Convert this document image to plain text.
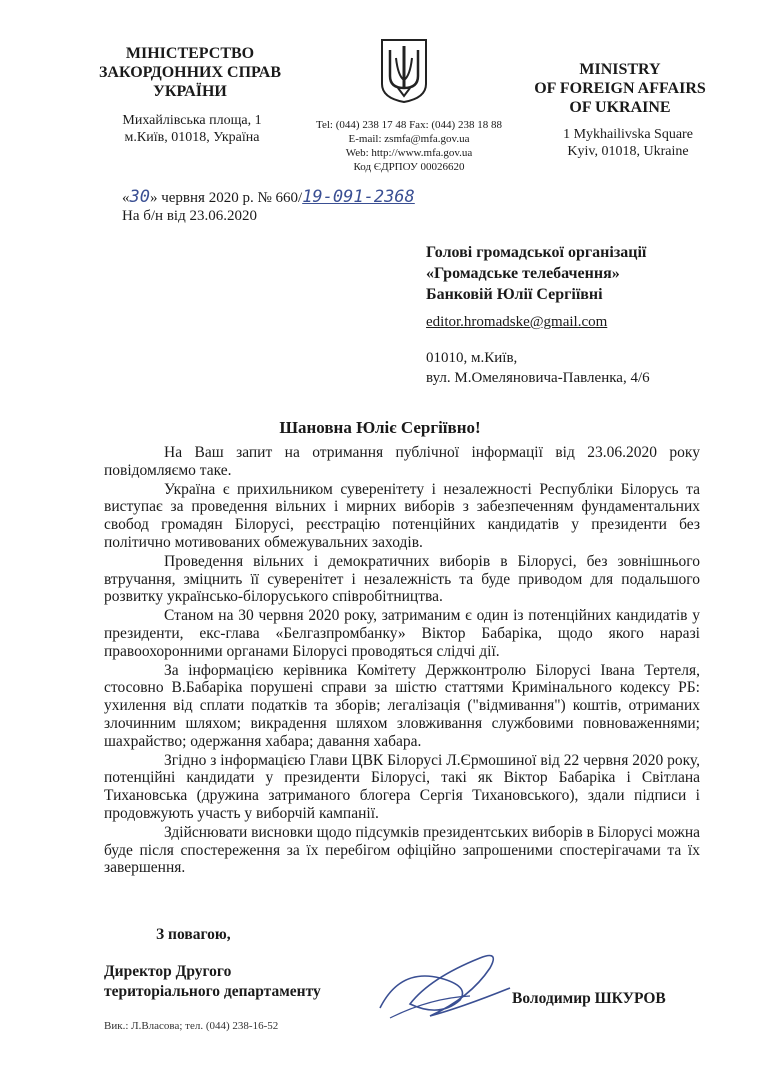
МІНІСТЕРСТВО
ЗАКОРДОННИХ СПРАВ
УКРАЇНИ
MINISTRY
OF FOREIGN AFFAIRS
OF UKRAINE
Михайлівська площа, 1
м.Київ, 01018, Україна
Tel: (044) 238 17 48 Fax: (044) 238 18 88
E-mail: zsmfa@mfa.gov.ua
Web: http://www.mfa.gov.ua
Код ЄДРПОУ 00026620
1 Mykhailivska Square
Kyiv, 01018, Ukraine
«30» червня 2020 р. № 660/19-091-2368
На б/н від 23.06.2020
Голові громадської організації
«Громадське телебачення»
Банковій Юлії Сергіївні
editor.hromadske@gmail.com
01010, м.Київ,
вул. М.Омеляновича-Павленка, 4/6
Шановна Юліє Сергіївно!

На Ваш запит на отримання публічної інформації від 23.06.2020 року повідомляємо таке.

Україна є прихильником суверенітету і незалежності Республіки Білорусь та виступає за проведення вільних і мирних виборів з забезпеченням фундаментальних свобод громадян Білорусі, реєстрацію потенційних кандидатів у президенти без політично мотивованих обмежувальних заходів.

Проведення вільних і демократичних виборів в Білорусі, без зовнішнього втручання, зміцнить її суверенітет і незалежність та буде приводом для подальшого розвитку українсько-білоруського співробітництва.

Станом на 30 червня 2020 року, затриманим є один із потенційних кандидатів у президенти, екс-глава «Белгазпромбанку» Віктор Бабаріка, щодо якого наразі правоохоронними органами Білорусі проводяться слідчі дії.

За інформацією керівника Комітету Держконтролю Білорусі Івана Тертеля, стосовно В.Бабаріка порушені справи за шістю статтями Кримінального кодексу РБ: ухилення від сплати податків та зборів; легалізація ("відмивання") коштів, отриманих злочинним шляхом; викрадення шляхом зловживання службовими повноваженнями; шахрайство; одержання хабара; давання хабара.

Згідно з інформацією Глави ЦВК Білорусі Л.Єрмошиної від 22 червня 2020 року, потенційні кандидати у президенти Білорусі, такі як Віктор Бабаріка і Світлана Тихановська (дружина затриманого блогера Сергія Тихановського), здали підписи і продовжують участь у виборчій кампанії.

Здійснювати висновки щодо підсумків президентських виборів в Білорусі можна буде після спостереження за їх перебігом офіційно запрошеними спостерігачами та їх завершення.

З повагою,
Директор Другого
територіального департаменту	Володимир ШКУРОВ
Вик.: Л.Власова; тел. (044) 238-16-52
